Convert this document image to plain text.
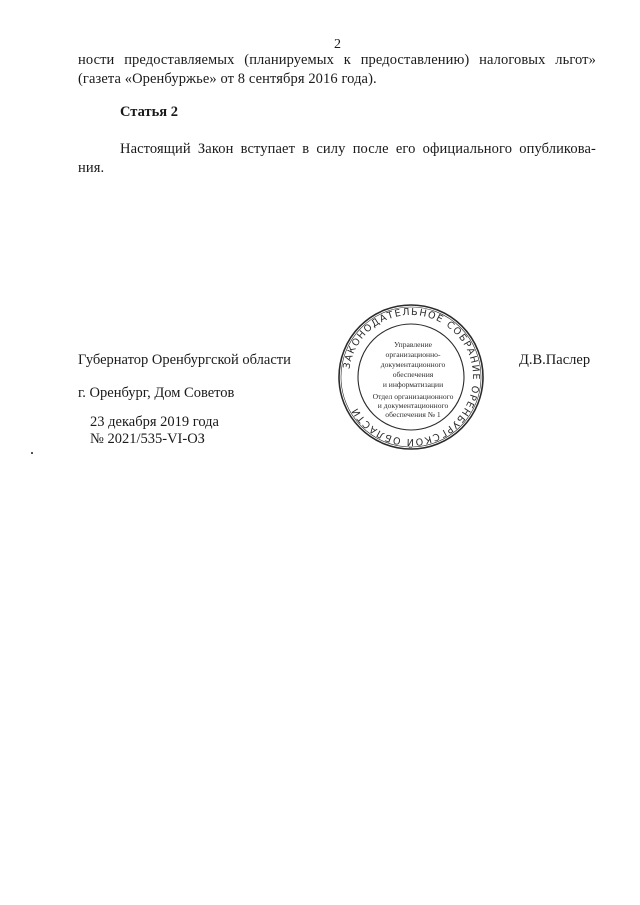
2
ности предоставляемых (планируемых к предоставлению) налоговых льгот»
(газета «Оренбуржье» от 8 сентября 2016 года).
Статья 2
Настоящий Закон вступает в силу после его официального опубликова-
ния.
Губернатор Оренбургской области	Д.В.Паслер
г. Оренбург, Дом Советов
23 декабря 2019 года
№ 2021/535-VI-ОЗ
ЗАКОНОДАТЕЛЬНОЕ СОБРАНИЕ ОРЕНБУРГСКОЙ ОБЛАСТИ
Управление
организационно-
документационного
обеспечения
и информатизации
Отдел организационного
и документационного
обеспечения № 1
